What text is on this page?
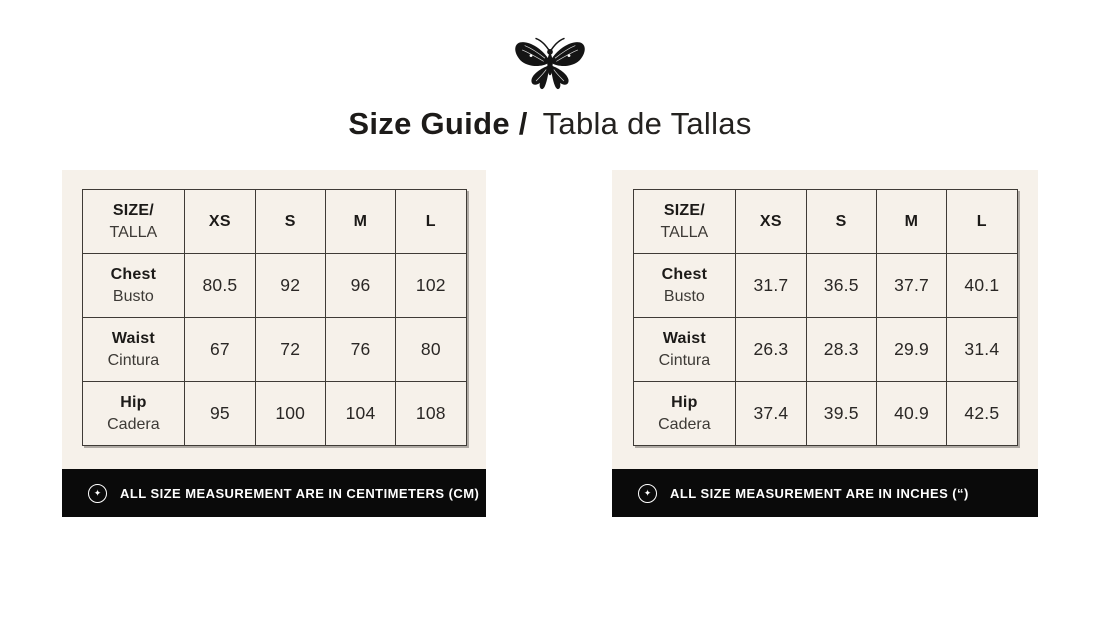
Size Guide / Tabla de Tallas
SIZE/
TALLA	XS	S	M	L

Chest
Busto	80.5	92	96	102

Waist
Cintura	67	72	76	80

Hip
Cadera	95	100	104	108
✦
ALL SIZE MEASUREMENT ARE IN CENTIMETERS (CM)
SIZE/
TALLA	XS	S	M	L

Chest
Busto	31.7	36.5	37.7	40.1

Waist
Cintura	26.3	28.3	29.9	31.4

Hip
Cadera	37.4	39.5	40.9	42.5
✦
ALL SIZE MEASUREMENT ARE IN INCHES (“)
